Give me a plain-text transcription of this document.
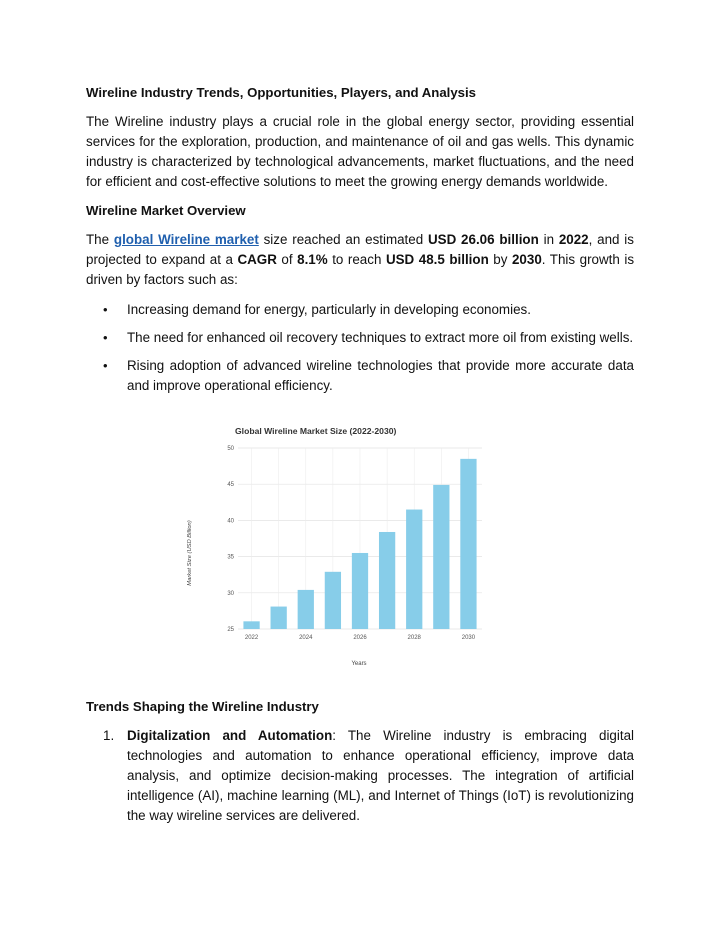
Wireline Industry Trends, Opportunities, Players, and Analysis

The Wireline industry plays a crucial role in the global energy sector, providing essential services for the exploration, production, and maintenance of oil and gas wells. This dynamic industry is characterized by technological advancements, market fluctuations, and the need for efficient and cost-effective solutions to meet the growing energy demands worldwide.

Wireline Market Overview

The global Wireline market size reached an estimated USD 26.06 billion in 2022, and is projected to expand at a CAGR of 8.1% to reach USD 48.5 billion by 2030. This growth is driven by factors such as:

• Increasing demand for energy, particularly in developing economies.
• The need for enhanced oil recovery techniques to extract more oil from existing wells.
• Rising adoption of advanced wireline technologies that provide more accurate data and improve operational efficiency.
Global Wireline Market Size (2022-2030)
Years
Market Size (USD Billion)
25
30
35
40
45
50
2022	2024	2026	2028	2030

Trends Shaping the Wireline Industry

1. Digitalization and Automation: The Wireline industry is embracing digital technologies and automation to enhance operational efficiency, improve data analysis, and optimize decision-making processes. The integration of artificial intelligence (AI), machine learning (ML), and Internet of Things (IoT) is revolutionizing the way wireline services are delivered.
